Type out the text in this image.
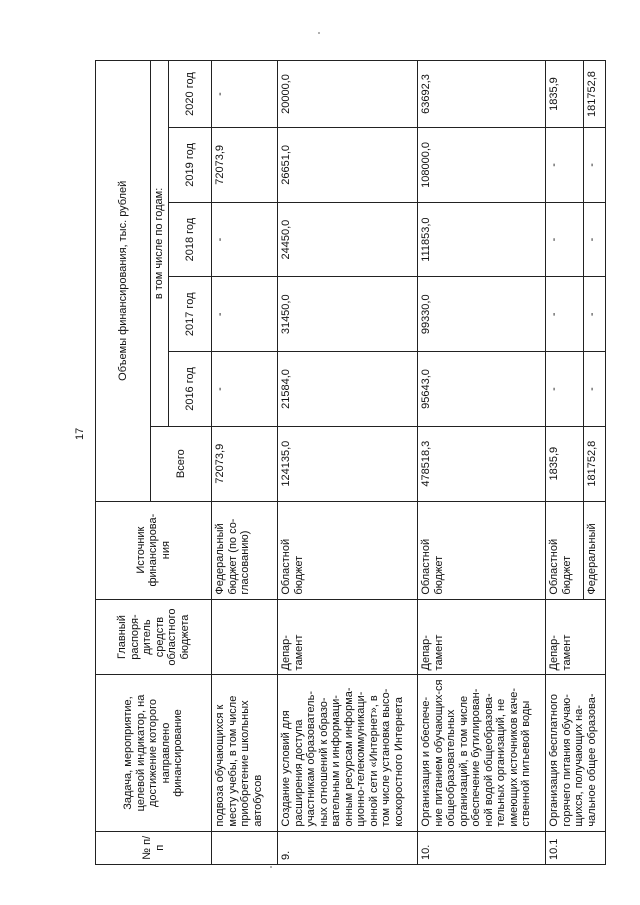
17
№ п/п	Задача, мероприятие, целевой индикатор, на достижение которого направлено финансирование	Главный распоря-дитель средств областного бюджета	Источник финансирова-ния	Объемы финансирования, тыс. рублей					
				Всего	в том числе по годам:				
					2016 год	2017 год	2018 год	2019 год	2020 год
	подвоза обучающихся к месту учебы, в том числе приобретение школьных автобусов		Федеральный бюджет (по со-гласованию)	72073,9	-	-	-	72073,9	-
9.	Создание условий для расширения доступа участникам образователь-ных отношений к образо-вательным и информаци-онным ресурсам информа-ционно-телекоммуникаци-онной сети «Интернет», в том числе установка высо-коскоростного Интернета	Депар-тамент	Областной бюджет	124135,0	21584,0	31450,0	24450,0	26651,0	20000,0
10.	Организация и обеспече-ние питанием обучающих-ся общеобразовательных организаций, в том числе обеспечение бутилирован-ной водой общеобразова-тельных организаций, не имеющих источников каче-ственной питьевой воды	Депар-тамент	Областной бюджет	478518,3	95643,0	99330,0	111853,0	108000,0	63692,3
10.1	Организация бесплатного горячего питания обучаю-щихся, получающих на-чальное общее образова-	Депар-тамент	Областной бюджет	1835,9	-	-	-	-	1835,9
			Федеральный	181752,8	-	-	-	-	181752,8
